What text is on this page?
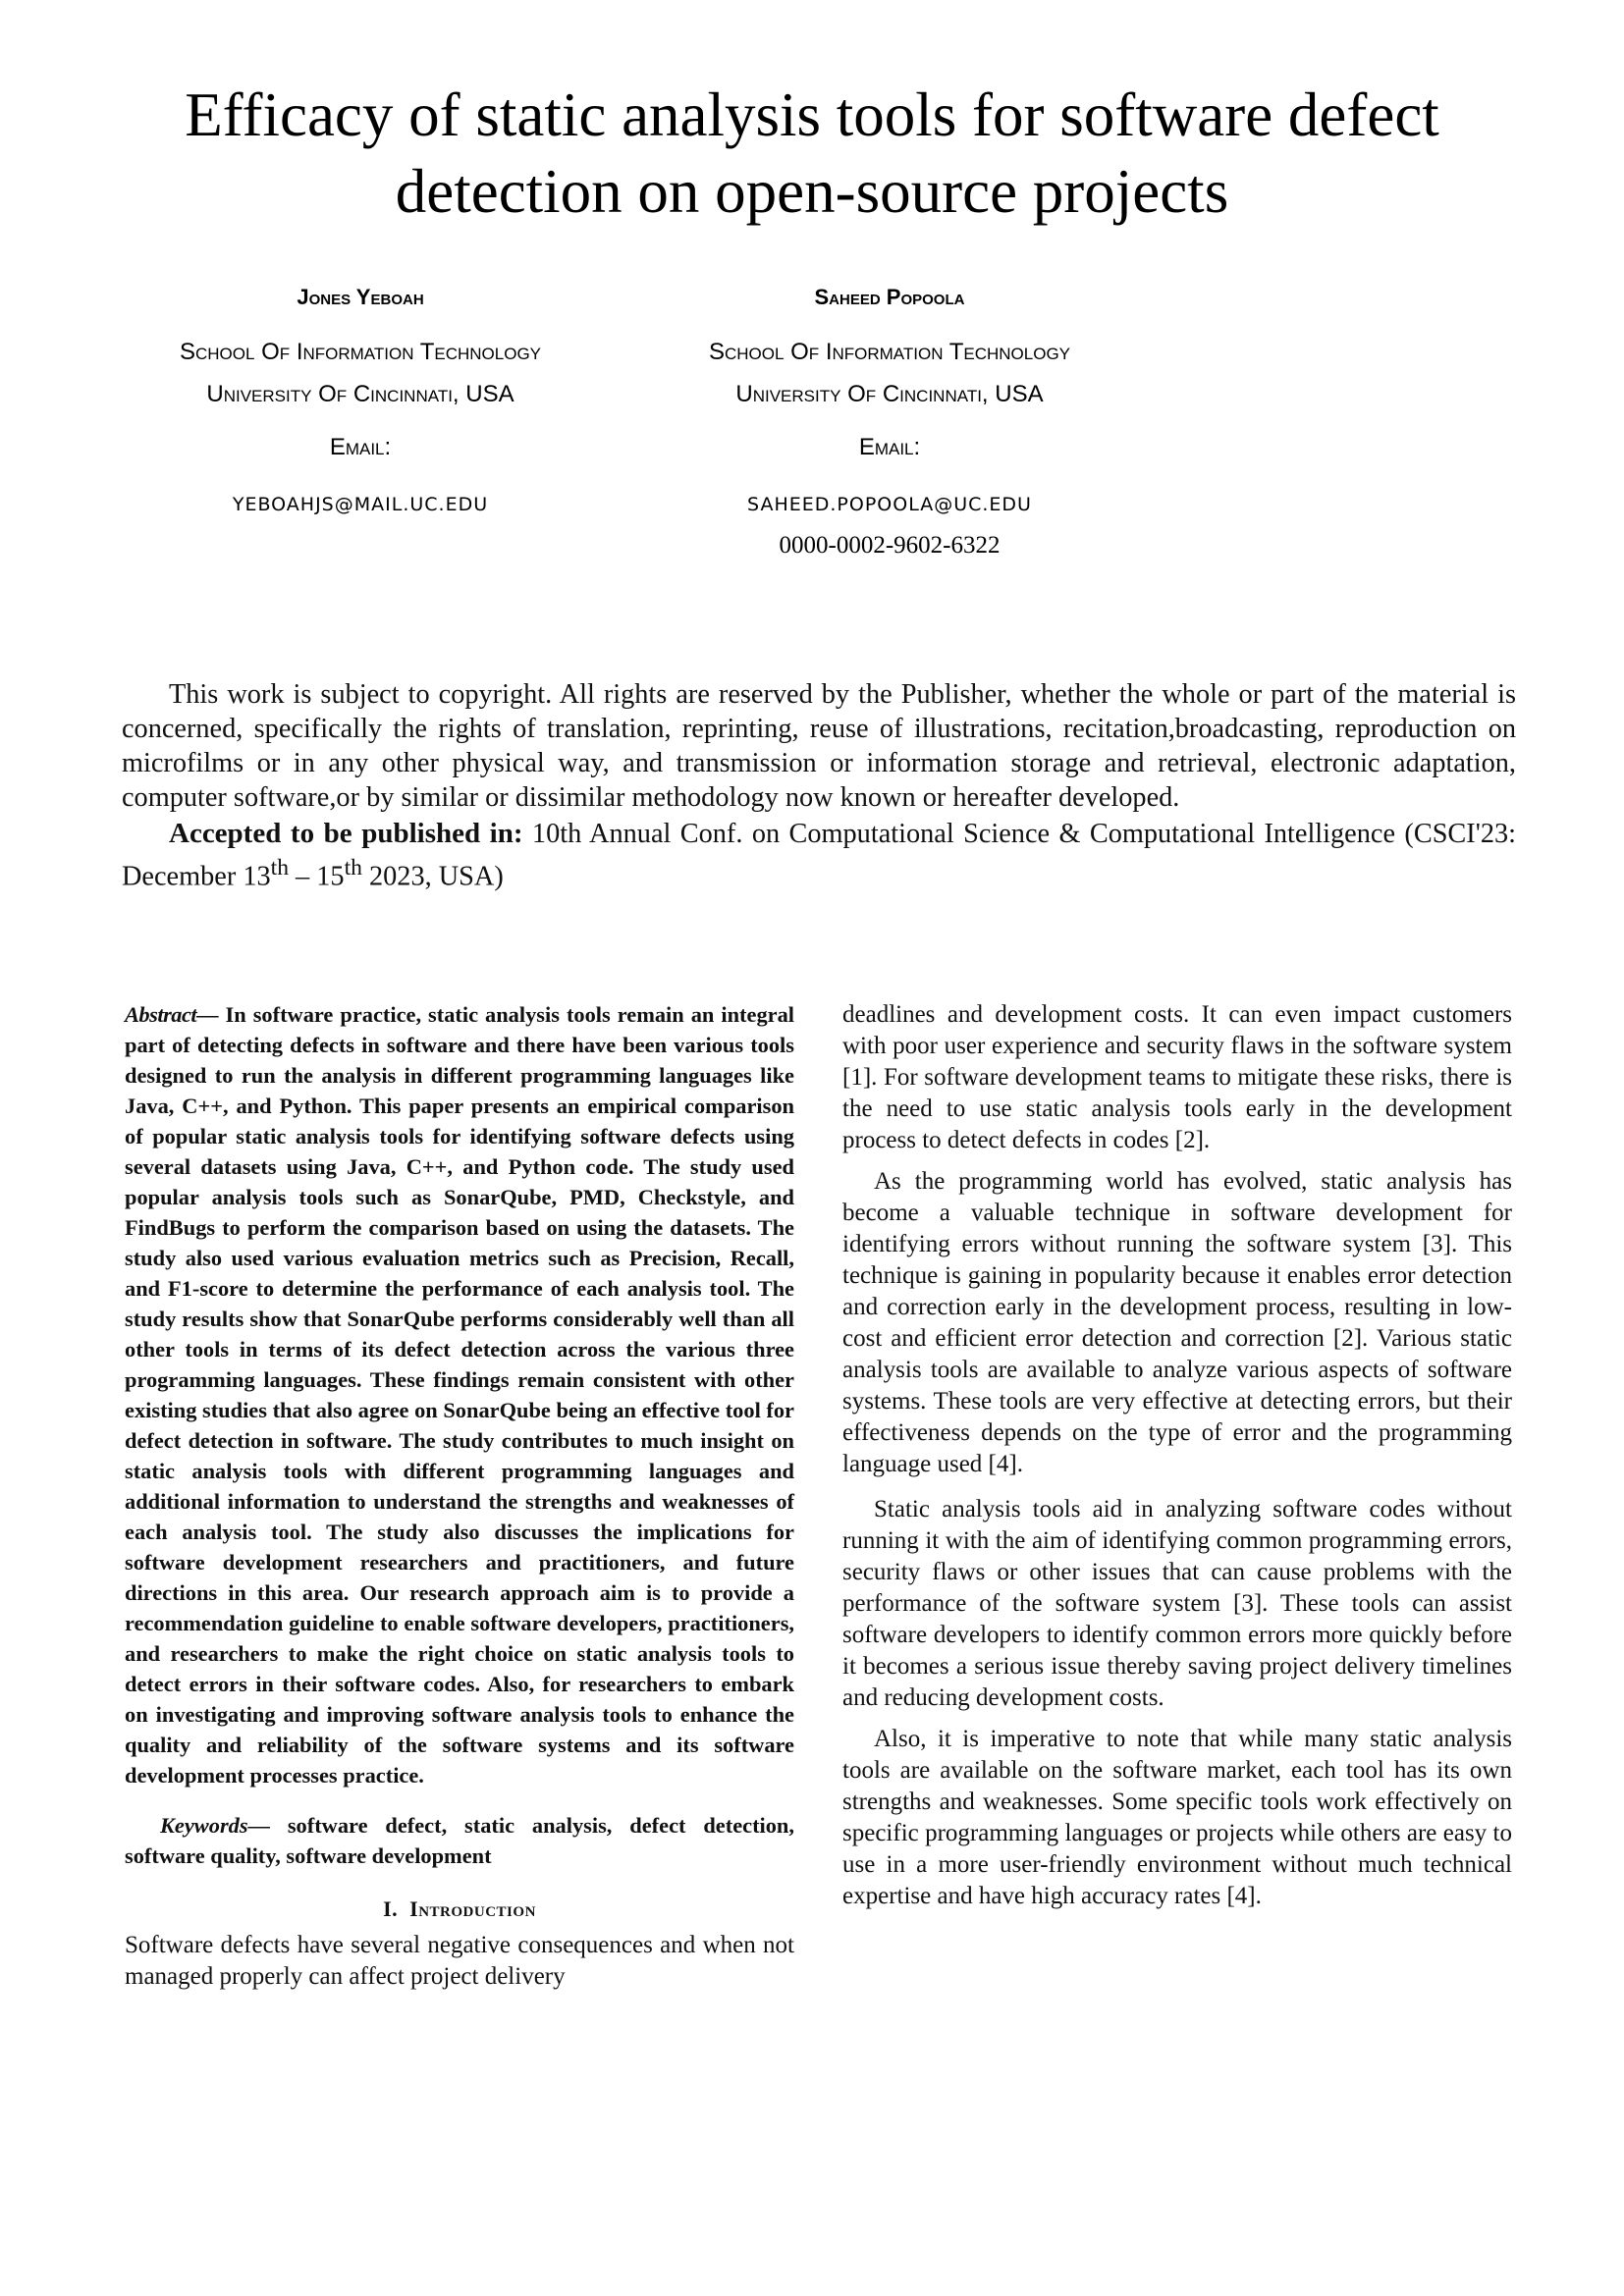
Efficacy of static analysis tools for software defect
detection on open-source projects
Jones Yeboah
School Of Information Technology
University Of Cincinnati, USA
Email:
YEBOAHJS@MAIL.UC.EDU
Saheed Popoola
School Of Information Technology
University Of Cincinnati, USA
Email:
SAHEED.POPOOLA@UC.EDU
0000-0002-9602-6322

This work is subject to copyright. All rights are reserved by the Publisher, whether the whole or part of the material is concerned, specifically the rights of translation, reprinting, reuse of illustrations, recitation,broadcasting, reproduction on microfilms or in any other physical way, and transmission or information storage and retrieval, electronic adaptation, computer software,or by similar or dissimilar methodology now known or hereafter developed.

Accepted to be published in: 10th Annual Conf. on Computational Science & Computational Intelligence (CSCI'23: December 13th – 15th 2023, USA)

Abstract— In software practice, static analysis tools remain an integral part of detecting defects in software and there have been various tools designed to run the analysis in different programming languages like Java, C++, and Python. This paper presents an empirical comparison of popular static analysis tools for identifying software defects using several datasets using Java, C++, and Python code. The study used popular analysis tools such as SonarQube, PMD, Checkstyle, and FindBugs to perform the comparison based on using the datasets. The study also used various evaluation metrics such as Precision, Recall, and F1-score to determine the performance of each analysis tool. The study results show that SonarQube performs considerably well than all other tools in terms of its defect detection across the various three programming languages. These findings remain consistent with other existing studies that also agree on SonarQube being an effective tool for defect detection in software. The study contributes to much insight on static analysis tools with different programming languages and additional information to understand the strengths and weaknesses of each analysis tool. The study also discusses the implications for software development researchers and practitioners, and future directions in this area. Our research approach aim is to provide a recommendation guideline to enable software developers, practitioners, and researchers to make the right choice on static analysis tools to detect errors in their software codes. Also, for researchers to embark on investigating and improving software analysis tools to enhance the quality and reliability of the software systems and its software development processes practice.

Keywords— software defect, static analysis, defect detection, software quality, software development

I. Introduction

Software defects have several negative consequences and when not managed properly can affect project delivery

deadlines and development costs. It can even impact customers with poor user experience and security flaws in the software system [1]. For software development teams to mitigate these risks, there is the need to use static analysis tools early in the development process to detect defects in codes [2].

As the programming world has evolved, static analysis has become a valuable technique in software development for identifying errors without running the software system [3]. This technique is gaining in popularity because it enables error detection and correction early in the development process, resulting in low-cost and efficient error detection and correction [2]. Various static analysis tools are available to analyze various aspects of software systems. These tools are very effective at detecting errors, but their effectiveness depends on the type of error and the programming language used [4].

Static analysis tools aid in analyzing software codes without running it with the aim of identifying common programming errors, security flaws or other issues that can cause problems with the performance of the software system [3]. These tools can assist software developers to identify common errors more quickly before it becomes a serious issue thereby saving project delivery timelines and reducing development costs.

Also, it is imperative to note that while many static analysis tools are available on the software market, each tool has its own strengths and weaknesses. Some specific tools work effectively on specific programming languages or projects while others are easy to use in a more user-friendly environment without much technical expertise and have high accuracy rates [4].
